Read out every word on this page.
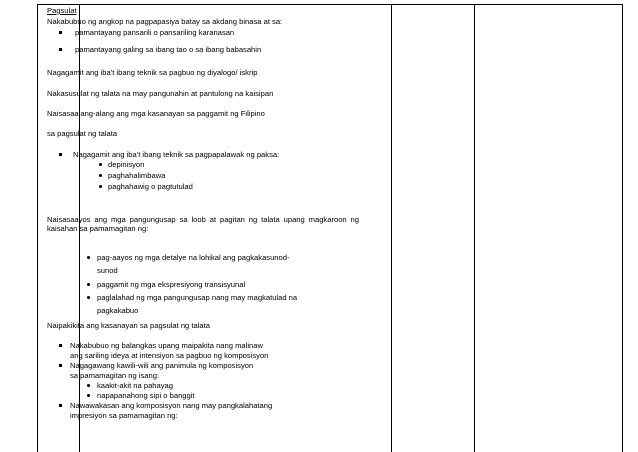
Pagsulat
Nakabubuo ng angkop na pagpapasiya batay sa akdang binasa at sa:
pamantayang pansarili o pansariling karanasan
pamantayang galing sa ibang tao o sa ibang babasahin
Nagagamit ang iba't ibang teknik sa pagbuo ng diyalogo/ iskrip
Nakasusulat ng talata na may pangunahin at pantulong na kaisipan
Naisasaalang-alang ang mga kasanayan sa paggamit ng Filipino
sa pagsulat ng talata
Nagagamit ang iba't ibang teknik sa pagpapalawak ng paksa:
depinisyon
paghahalimbawa
paghahawig o pagtutulad
Naisasaayos ang mga pangungusap sa loob at pagitan ng talata upang magkaroon ng kaisahan sa pamamagitan ng:
pag-aayos ng mga detalye na lohikal ang pagkakasunod-
sunod
paggamit ng mga ekspresiyong transisyunal
paglalahad ng mga pangungusap nang may magkatulad na
pagkakabuo
Naipakikita ang kasanayan sa pagsulat ng talata
Nakabubuo ng balangkas upang maipakita nang malinaw
ang sariling ideya at intensiyon sa pagbuo ng komposisyon
Nagagawang kawili-wili ang panimula ng komposisyon
sa pamamagitan ng isang:
kaakit-akit na pahayag
napapanahong sipi o banggit
Nawawakasan ang komposisyon nang may pangkalahatang
impresiyon sa pamamagitan ng:
